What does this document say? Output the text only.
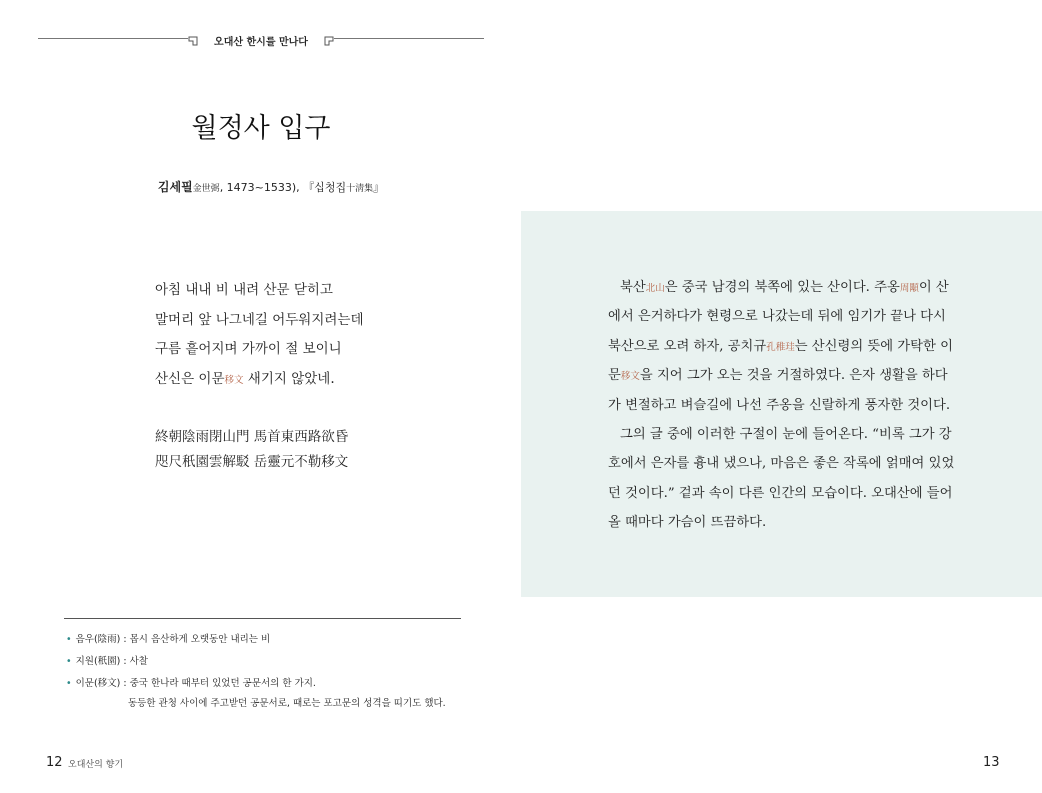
오대산 한시를 만나다
월정사 입구
김세필金世弼, 1473~1533), 『십청집十淸集』
아침 내내 비 내려 산문 닫히고
말머리 앞 나그네길 어두워지려는데
구름 흩어지며 가까이 절 보이니
산신은 이문移文 새기지 않았네.
終朝陰雨閉山門 馬首東西路欲昏
咫尺秖園雲解駁 岳靈元不勒移文
북산北山은 중국 남경의 북쪽에 있는 산이다. 주옹周顒이 산
에서 은거하다가 현령으로 나갔는데 뒤에 임기가 끝나 다시
북산으로 오려 하자, 공치규孔稚珪는 산신령의 뜻에 가탁한 이
문移文을 지어 그가 오는 것을 거절하였다. 은자 생활을 하다
가 변절하고 벼슬길에 나선 주옹을 신랄하게 풍자한 것이다.
그의 글 중에 이러한 구절이 눈에 들어온다. “비록 그가 강
호에서 은자를 흉내 냈으나, 마음은 좋은 작록에 얽매여 있었
던 것이다.” 겉과 속이 다른 인간의 모습이다. 오대산에 들어
올 때마다 가슴이 뜨끔하다.
• 음우(陰雨) : 몹시 음산하게 오랫동안 내리는 비
• 지원(秖園) : 사찰
• 이문(移文) : 중국 한나라 때부터 있었던 공문서의 한 가지.
동등한 관청 사이에 주고받던 공문서로, 때로는 포고문의 성격을 띠기도 했다.
12 오대산의 향기	13
